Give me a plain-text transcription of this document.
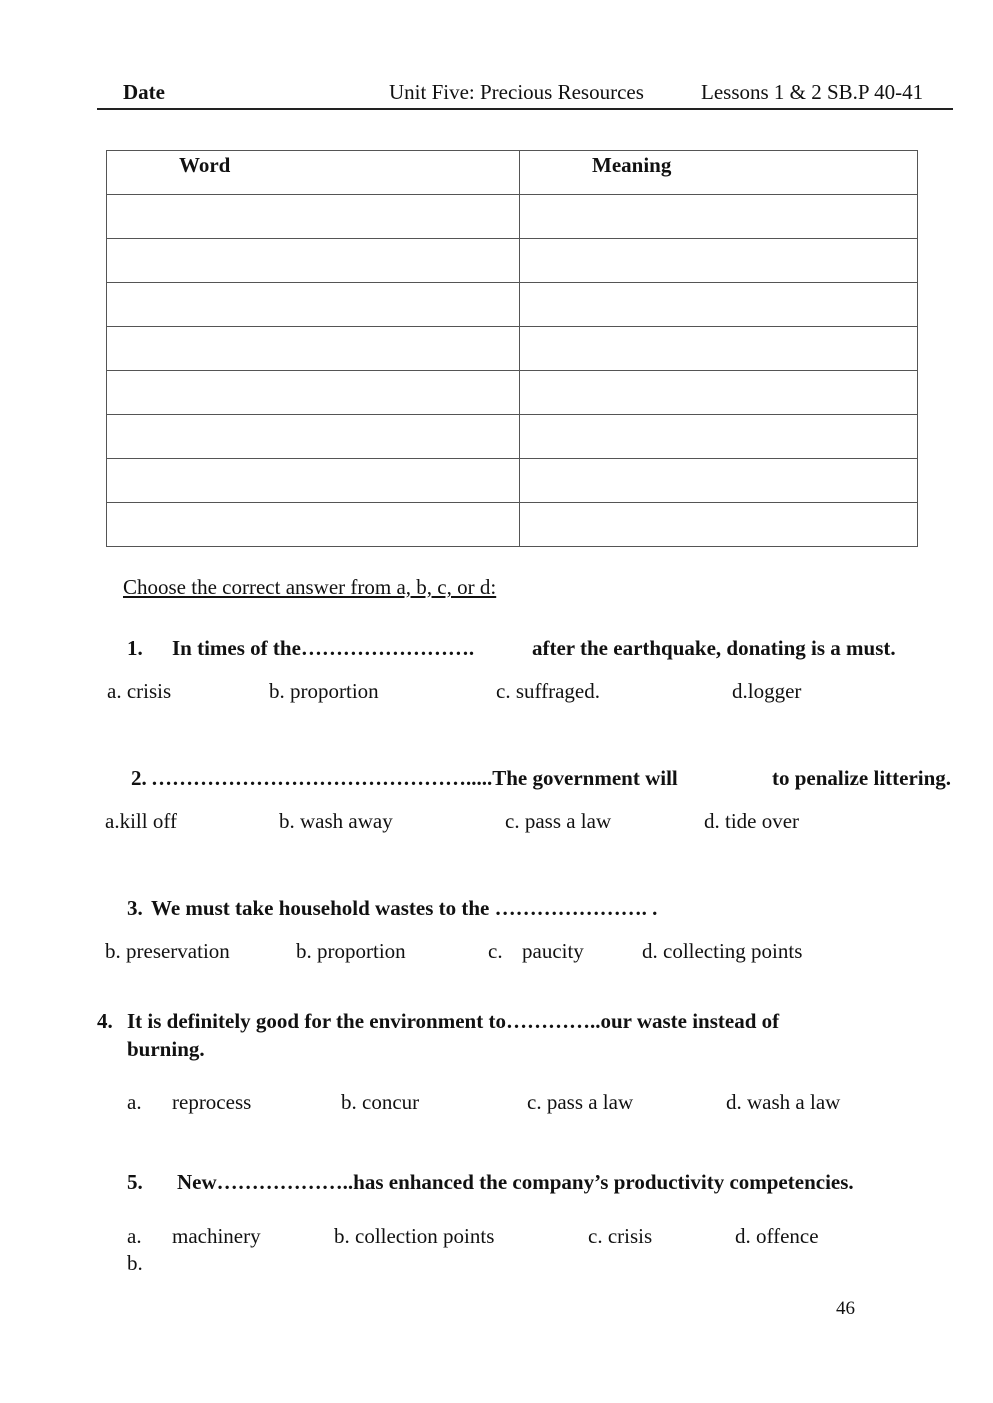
Date	Unit Five: Precious Resources	Lessons 1 & 2 SB.P 40-41
Word	Meaning

Choose the correct answer from a, b, c, or d:
1. In times of the…………………….	after the earthquake, donating is a must.
a. crisis	b. proportion	c. suffraged.	d.logger
2. ……………………………………….....The government will	to penalize littering.
a.kill off	b. wash away	c. pass a law	d. tide over
3. We must take household wastes to the …………………. .
b. preservation	b. proportion	c. paucity	d. collecting points
4. It is definitely good for the environment to…………..our waste instead of
burning.
a. reprocess	b. concur	c. pass a law	d. wash a law
5. New………………..has enhanced the company’s productivity competencies.
a. machinery	b. collection points	c. crisis	d. offence
b.
46
